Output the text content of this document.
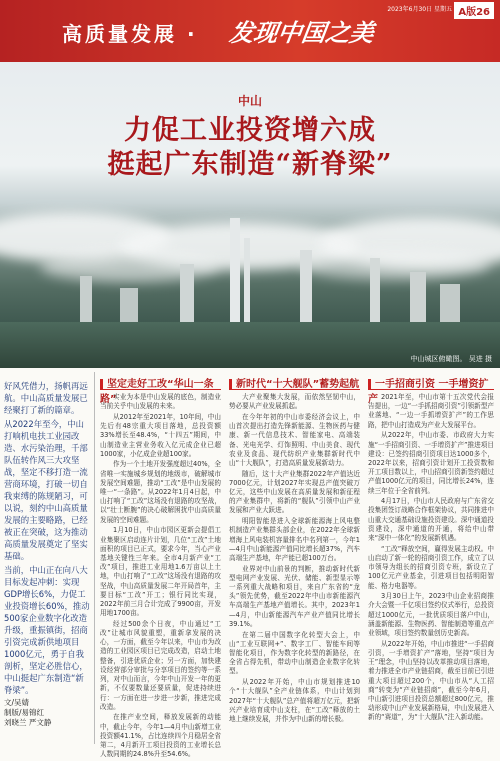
高质量发展 · 发现中国之美
2023年6月30日 星期五 A版26
中山
力促工业投资增六成
挺起广东制造“新脊梁”
中山城区俯瞰图。 吴进 摄

好风凭借力，扬帆再远航。中山高质量发展已经聚打了新的篇章。

从2022年至今，中山打响机电扶工业园改造、水污染治理，千部队伍转作风三大攻坚战，坚定不移打造一流营商环境，打破一切自我束缚的陈规陋习，可以说，刻约中山高质量发展的主要略路，已经被正在突破，这为推动高质量发展奠定了坚实基础。

当前，中山正在向八大目标发起冲刺：实现GDP增长6%，力促工业投资增长60%，推动500家企业数字化改造升级，重振镇街，招商引资完成新供地项目1000亿元，勇于自我剖析，坚定必胜信心，中山挺起广东制造“新脊梁”。

文/吴婧
制版/易锦红
刘晓兰 严文静
坚定走好工改“华山一条路”
新时代“十大舰队”蓄势起航	一手招商引资 一手增资扩产

实业为本是中山发展的底色，制造业当前关乎中山发展的未来。

从2012年至2021年，10年间，中山先后有48宗重大项目落地，总投资额33%增长至48.4%，“十四五”期间，中山制造业主营业务收入亿元成企业已超1000家，小亿成企业超100家。

作为一个土地开发强度超过40%，全省唯一实施城乡规划的地级市，破解城市发展空间难题，推动“工改”是中山发展的唯一“一条路”。从2022年1月4日起，中山打响了“工改”这场没有退路的攻坚战，以“壮士断腕”的决心破解困扰中山高质量发展的空间难题。

1月10日，中山市园区更新会提倡工业集聚区启动连片计划，几位“工改”土地面积的项目已正式，要求今年，当心产业基地关键性三年来。全市4月新产业“工改”项目，推进工业用地1.6万亩以上土地，中山打响了“工改”这场没有退路的攻坚战，中山高质量发展二年开局首年，主要目标“工改”开工；银行同比实现，2022年前三月合计完成了9900亩，开发用地1700亩。

经过500余个日夜，中山通过“工改”让城市风貌重塑，重新拿发展的决心，一方面，截至今年以来，中山市为改造的工业园区项目已完成改造，启动土地整备，引进优质企业；另一方面，加快建设经营部分审批与分享项目的签约等一系列，对中山而言，今年中山开发一年的更新，不仅要数量还要质量，促进持续进行：一方面在进一步进一步新，推进完成改造。

在推产业空间，释放发展新的动能中，截止今年，今年1—4月中山新增工业投资额41.1%，占比连续四个月稳居全省第二，4月新开工项目投资的工业增长总人数同期的24.8%升至54.6%。

大产业聚集大发展，而依然坚韧中山，势必要从产业发展抓起。

在今年年初的中山市委经济会议上，中山首次提出打造先锋新能源、生物医药与健康、新一代信息技术、智能家电、高端装备、光电光学、灯饰照明、中山美食、现代农业及食品、现代纺织产业集群新时代中山“十大舰队”，打造高质量发展新动力。

随后，这十大产业集群2022年产值达近7000亿元，计划2027年实现总产值突破万亿元，这些中山发展在高质量发展和新征程的产业集群中，将新的“舰队”引领中山产业发展和产业大跃进。

明阳智能是进入全球新能源海上风电整机制造产业集群头部企业，在2022年全球新增海上风电装机容量排名中名列第一，今年1—4月中山新能源产值同比增长超37%，汽车高端生产基地，年产能已超100万台。

业界对中山前景的判断，推动新时代新型电网产业发展、光伏、储能、新型显示等一系列重大战略和项目，来自广东省的“龙头”领先优势，截至2022年中山市新能源汽车高端生产基地产值增长。其中，2023年1—4月，中山新能源汽车产业产值同比增长39.1%。

在第二届中国数字化转型大会上，中山“工业互联网+”、数字工厂、智能车间等智能化项目，作为数字化转型的新路径，在全省占得先机，带动中山制造企业数字化转型。

从2022年开始，中山市规划推进10个“十大舰队”全产业链体系，中山计划到2027年“十大舰队”总产值将超万亿元，把新兴产业培育成中山支柱，在“工改”释放的土地上继续发展，并作为中山新的增长极。

2021年至，中山市第十五次党代会报告提出，一边“一手抓招商引资”引领新型产业落地、“一边一手抓增资扩产”的工作思路，把中山打造成为产业大发展平台。

从2022年，中山市委、市政府大力实施“一手招商引资、一手增资扩产”推进项目建设：已签约招商引资项目达1000多个，2022年以来，招商引资计划开工投资数和开工项目数以上，中山招商引资新签约超过产值1000亿元的项目，同比增长24%，连续三年位于全省前列。

4月17日，中山市人民政府与广东省交投集团签订战略合作框架协议，共同推进中山重大交通基础设施投资建设。深中通道投资建设，深中通道的开通，将给中山带来“深中一体化”的发展新机遇。

“工改”释放空间，赢得发展主动权。中山启动了新一轮的招商引资工作，成立了以市领导为组长的招商引资专班，新设立了100亿元产业基金，引进项目包括明阳智能、格力电器等。

3月30日上午，2023中山企业招商推介大会暨一千亿项目签约仪式举行，总投资超过1000亿元，一批优质项目落户中山，涵盖新能源、生物医药、智能制造等重点产业领域，项目签约数量创历史新高。

从2022年开始，中山市推进“一手招商引资，一手增资扩产”落地，坚持“项目为王”理念，中山坚持以改革推动项目落地，着力推进全市产业链招商，截至目前已引进重大项目超过200个，中山市从“人工招商”转变为“产业链招商”，截至今年6月，中山新引进项目投资总额超过800亿元，推动形成中山产业发展新格局，中山发展进入新的“赛道”，为“十大舰队”注入新动能。
